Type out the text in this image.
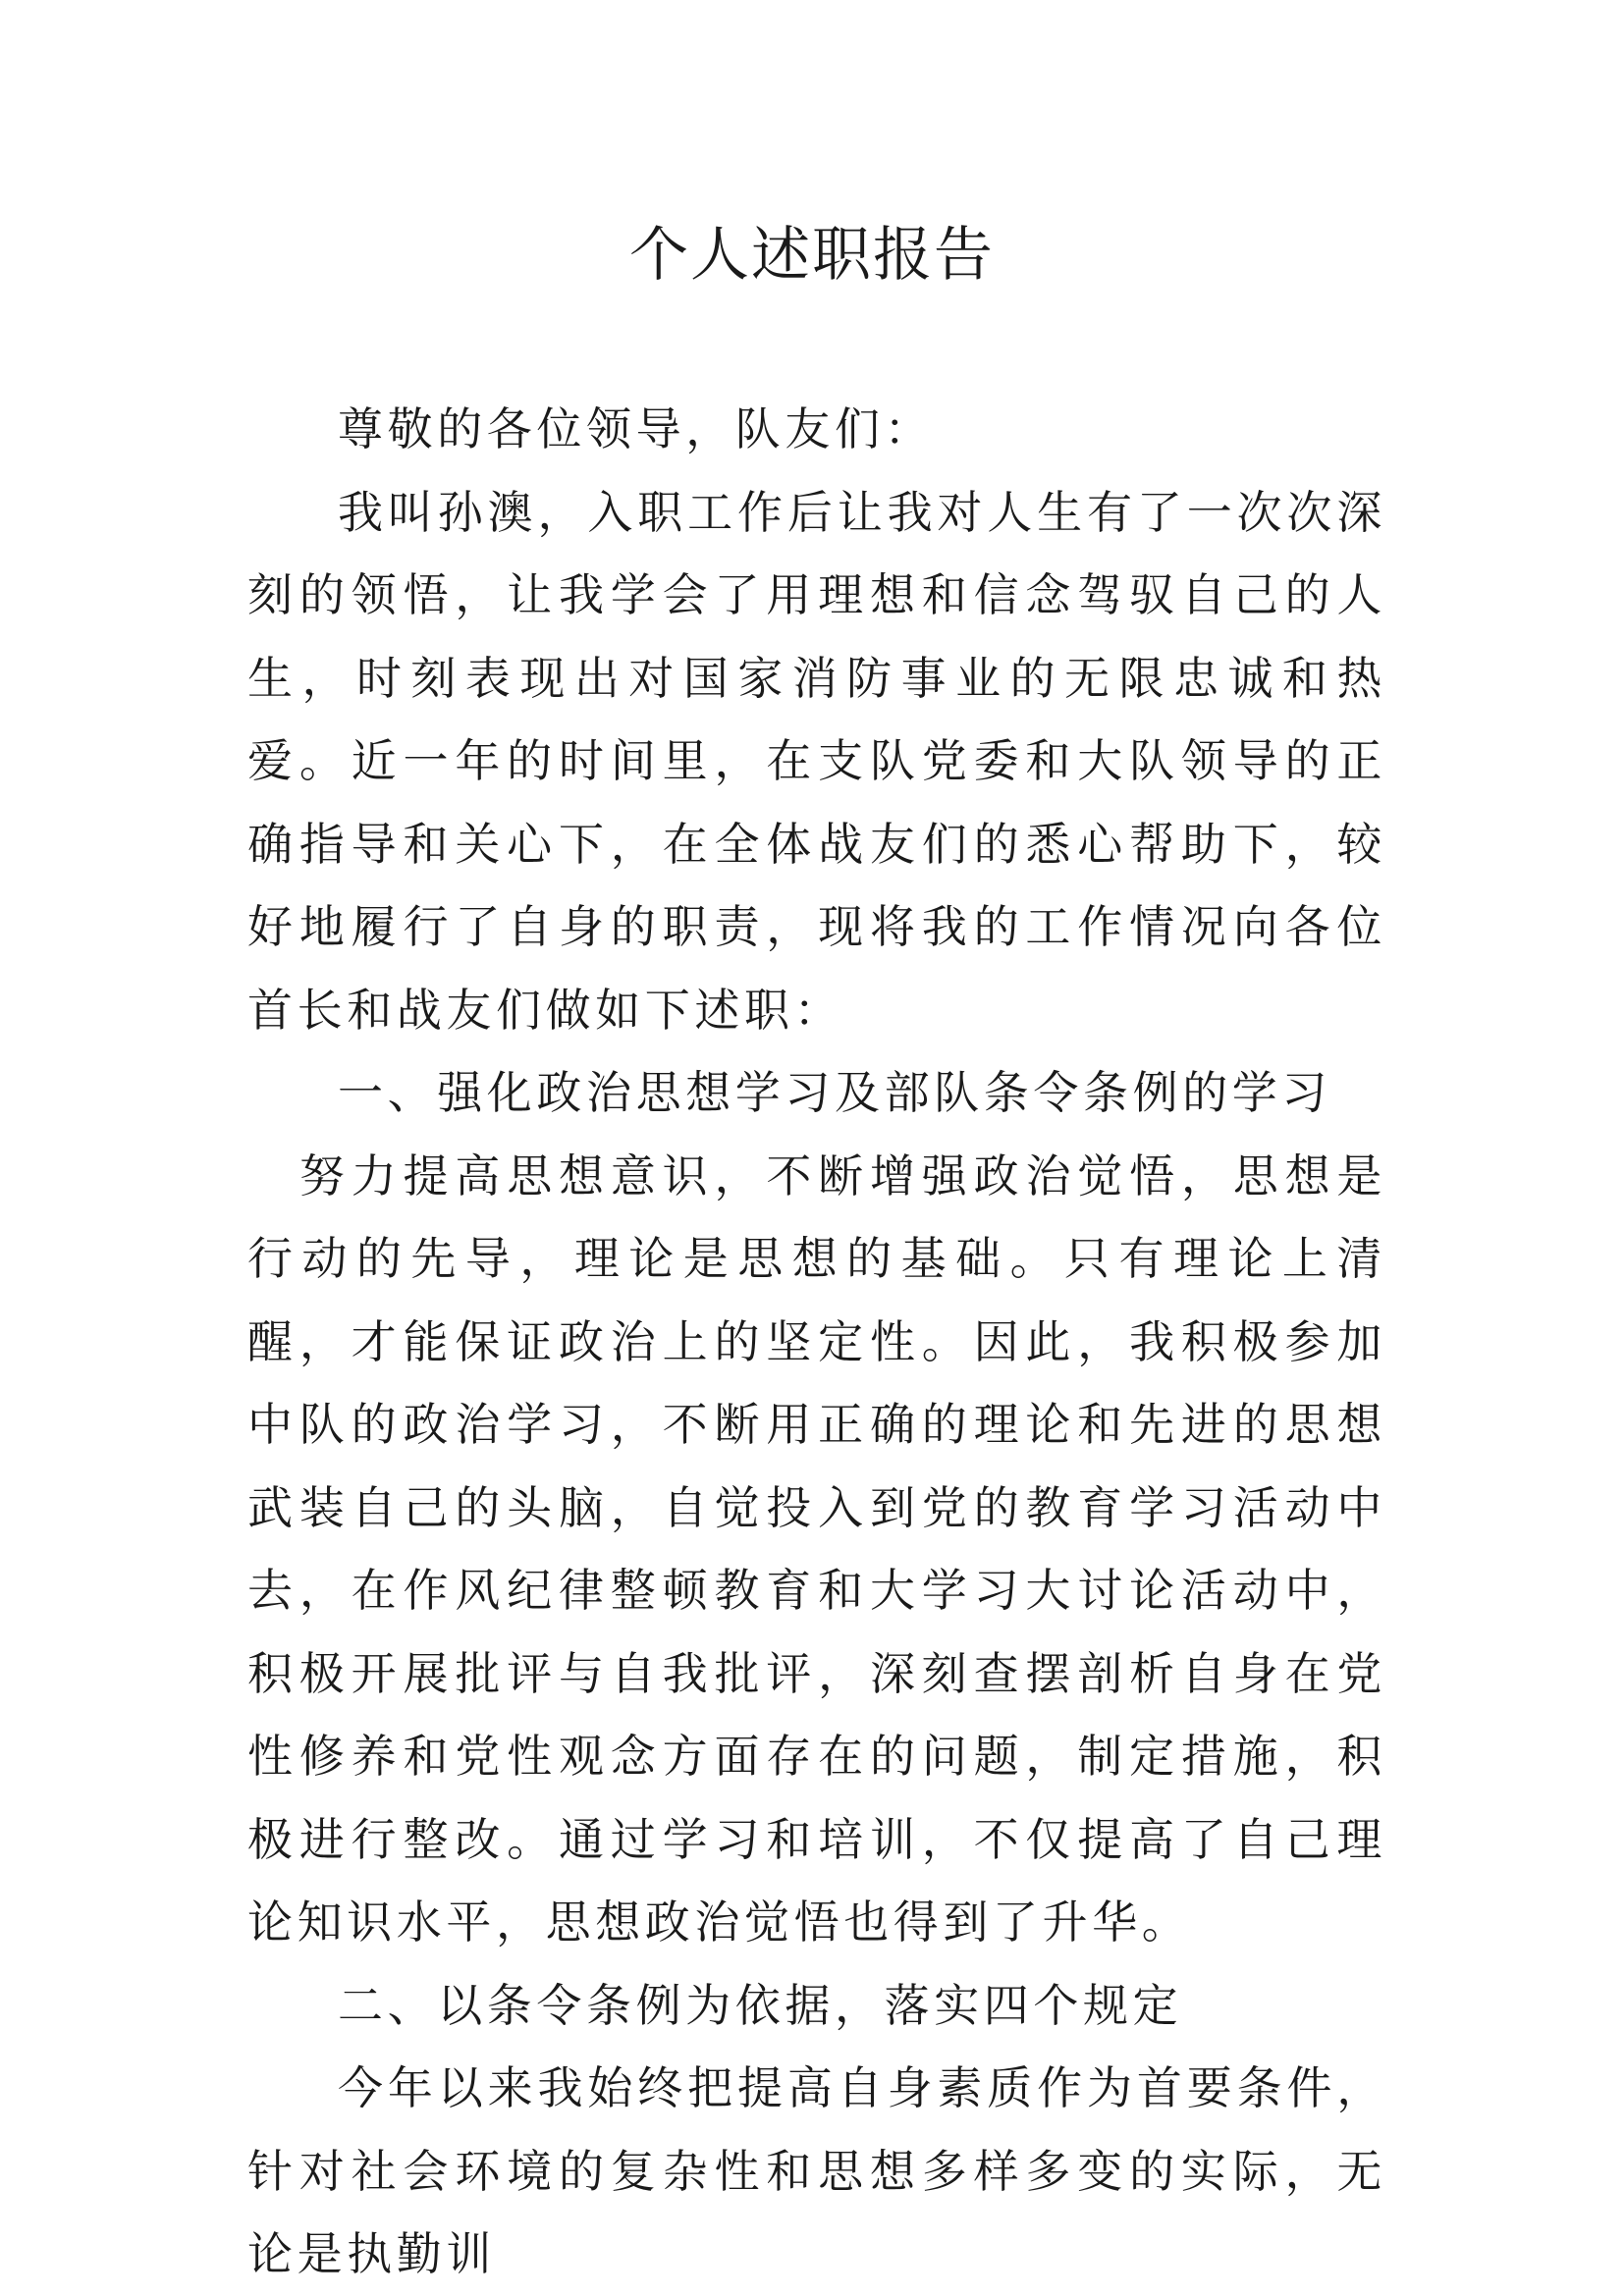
个人述职报告

尊敬的各位领导，队友们：

我叫孙澳，入职工作后让我对人生有了一次次深刻的领悟，让我学会了用理想和信念驾驭自己的人生，时刻表现出对国家消防事业的无限忠诚和热爱。近一年的时间里，在支队党委和大队领导的正确指导和关心下，在全体战友们的悉心帮助下，较好地履行了自身的职责，现将我的工作情况向各位首长和战友们做如下述职：

一、强化政治思想学习及部队条令条例的学习

努力提高思想意识，不断增强政治觉悟，思想是行动的先导，理论是思想的基础。只有理论上清醒，才能保证政治上的坚定性。因此，我积极参加中队的政治学习，不断用正确的理论和先进的思想武装自己的头脑，自觉投入到党的教育学习活动中去，在作风纪律整顿教育和大学习大讨论活动中，积极开展批评与自我批评，深刻查摆剖析自身在党性修养和党性观念方面存在的问题，制定措施，积极进行整改。通过学习和培训，不仅提高了自己理论知识水平，思想政治觉悟也得到了升华。

二、以条令条例为依据，落实四个规定

今年以来我始终把提高自身素质作为首要条件，针对社会环境的复杂性和思想多样多变的实际，无论是执勤训
